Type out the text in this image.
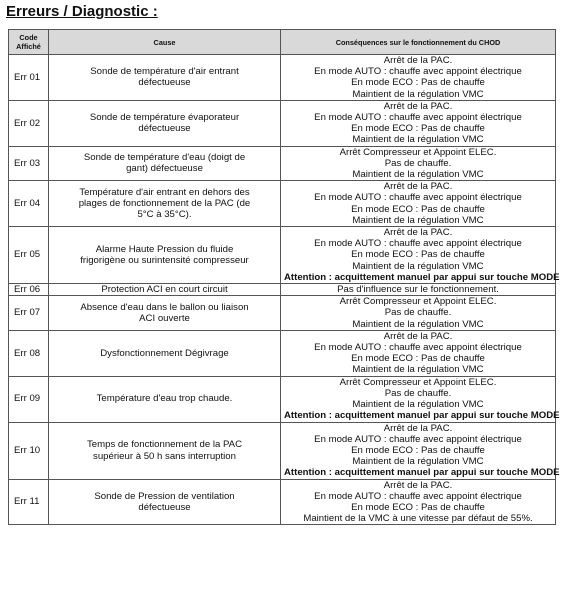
Erreurs / Diagnostic :
Code
Affiché	Cause	Conséquences sur le fonctionnement du CHOD
Err 01	Sonde de température d'air entrant
défectueuse	Arrêt de la PAC.
En mode AUTO : chauffe avec appoint électrique
En mode ECO : Pas de chauffe
Maintient de la régulation VMC

Err 02	Sonde de température évaporateur
défectueuse	Arrêt de la PAC.
En mode AUTO : chauffe avec appoint électrique
En mode ECO : Pas de chauffe
Maintient de la régulation VMC

Err 03	Sonde de température d'eau (doigt de
gant) défectueuse	Arrêt Compresseur et Appoint ELEC.
Pas de chauffe.
Maintient de la régulation VMC

Err 04	Température d'air entrant en dehors des
plages de fonctionnement de la PAC (de
5°C à 35°C).	Arrêt de la PAC.
En mode AUTO : chauffe avec appoint électrique
En mode ECO : Pas de chauffe
Maintient de la régulation VMC

Err 05	Alarme Haute Pression du fluide
frigorigène ou surintensité compresseur	Arrêt de la PAC.
En mode AUTO : chauffe avec appoint électrique
En mode ECO : Pas de chauffe
Maintient de la régulation VMC
Attention : acquittement manuel par appui sur touche MODE

Err 06	Protection ACI en court circuit	Pas d'influence sur le fonctionnement.

Err 07	Absence d'eau dans le ballon ou liaison
ACI ouverte	Arrêt Compresseur et Appoint ELEC.
Pas de chauffe.
Maintient de la régulation VMC

Err 08	Dysfonctionnement Dégivrage	Arrêt de la PAC.
En mode AUTO : chauffe avec appoint électrique
En mode ECO : Pas de chauffe
Maintient de la régulation VMC

Err 09	Température d'eau trop chaude.	Arrêt Compresseur et Appoint ELEC.
Pas de chauffe.
Maintient de la régulation VMC
Attention : acquittement manuel par appui sur touche MODE

Err 10	Temps de fonctionnement de la PAC
supérieur à 50 h sans interruption	Arrêt de la PAC.
En mode AUTO : chauffe avec appoint électrique
En mode ECO : Pas de chauffe
Maintient de la régulation VMC
Attention : acquittement manuel par appui sur touche MODE

Err 11	Sonde de Pression de ventilation
défectueuse	Arrêt de la PAC.
En mode AUTO : chauffe avec appoint électrique
En mode ECO : Pas de chauffe
Maintient de la VMC à une vitesse par défaut de 55%.
